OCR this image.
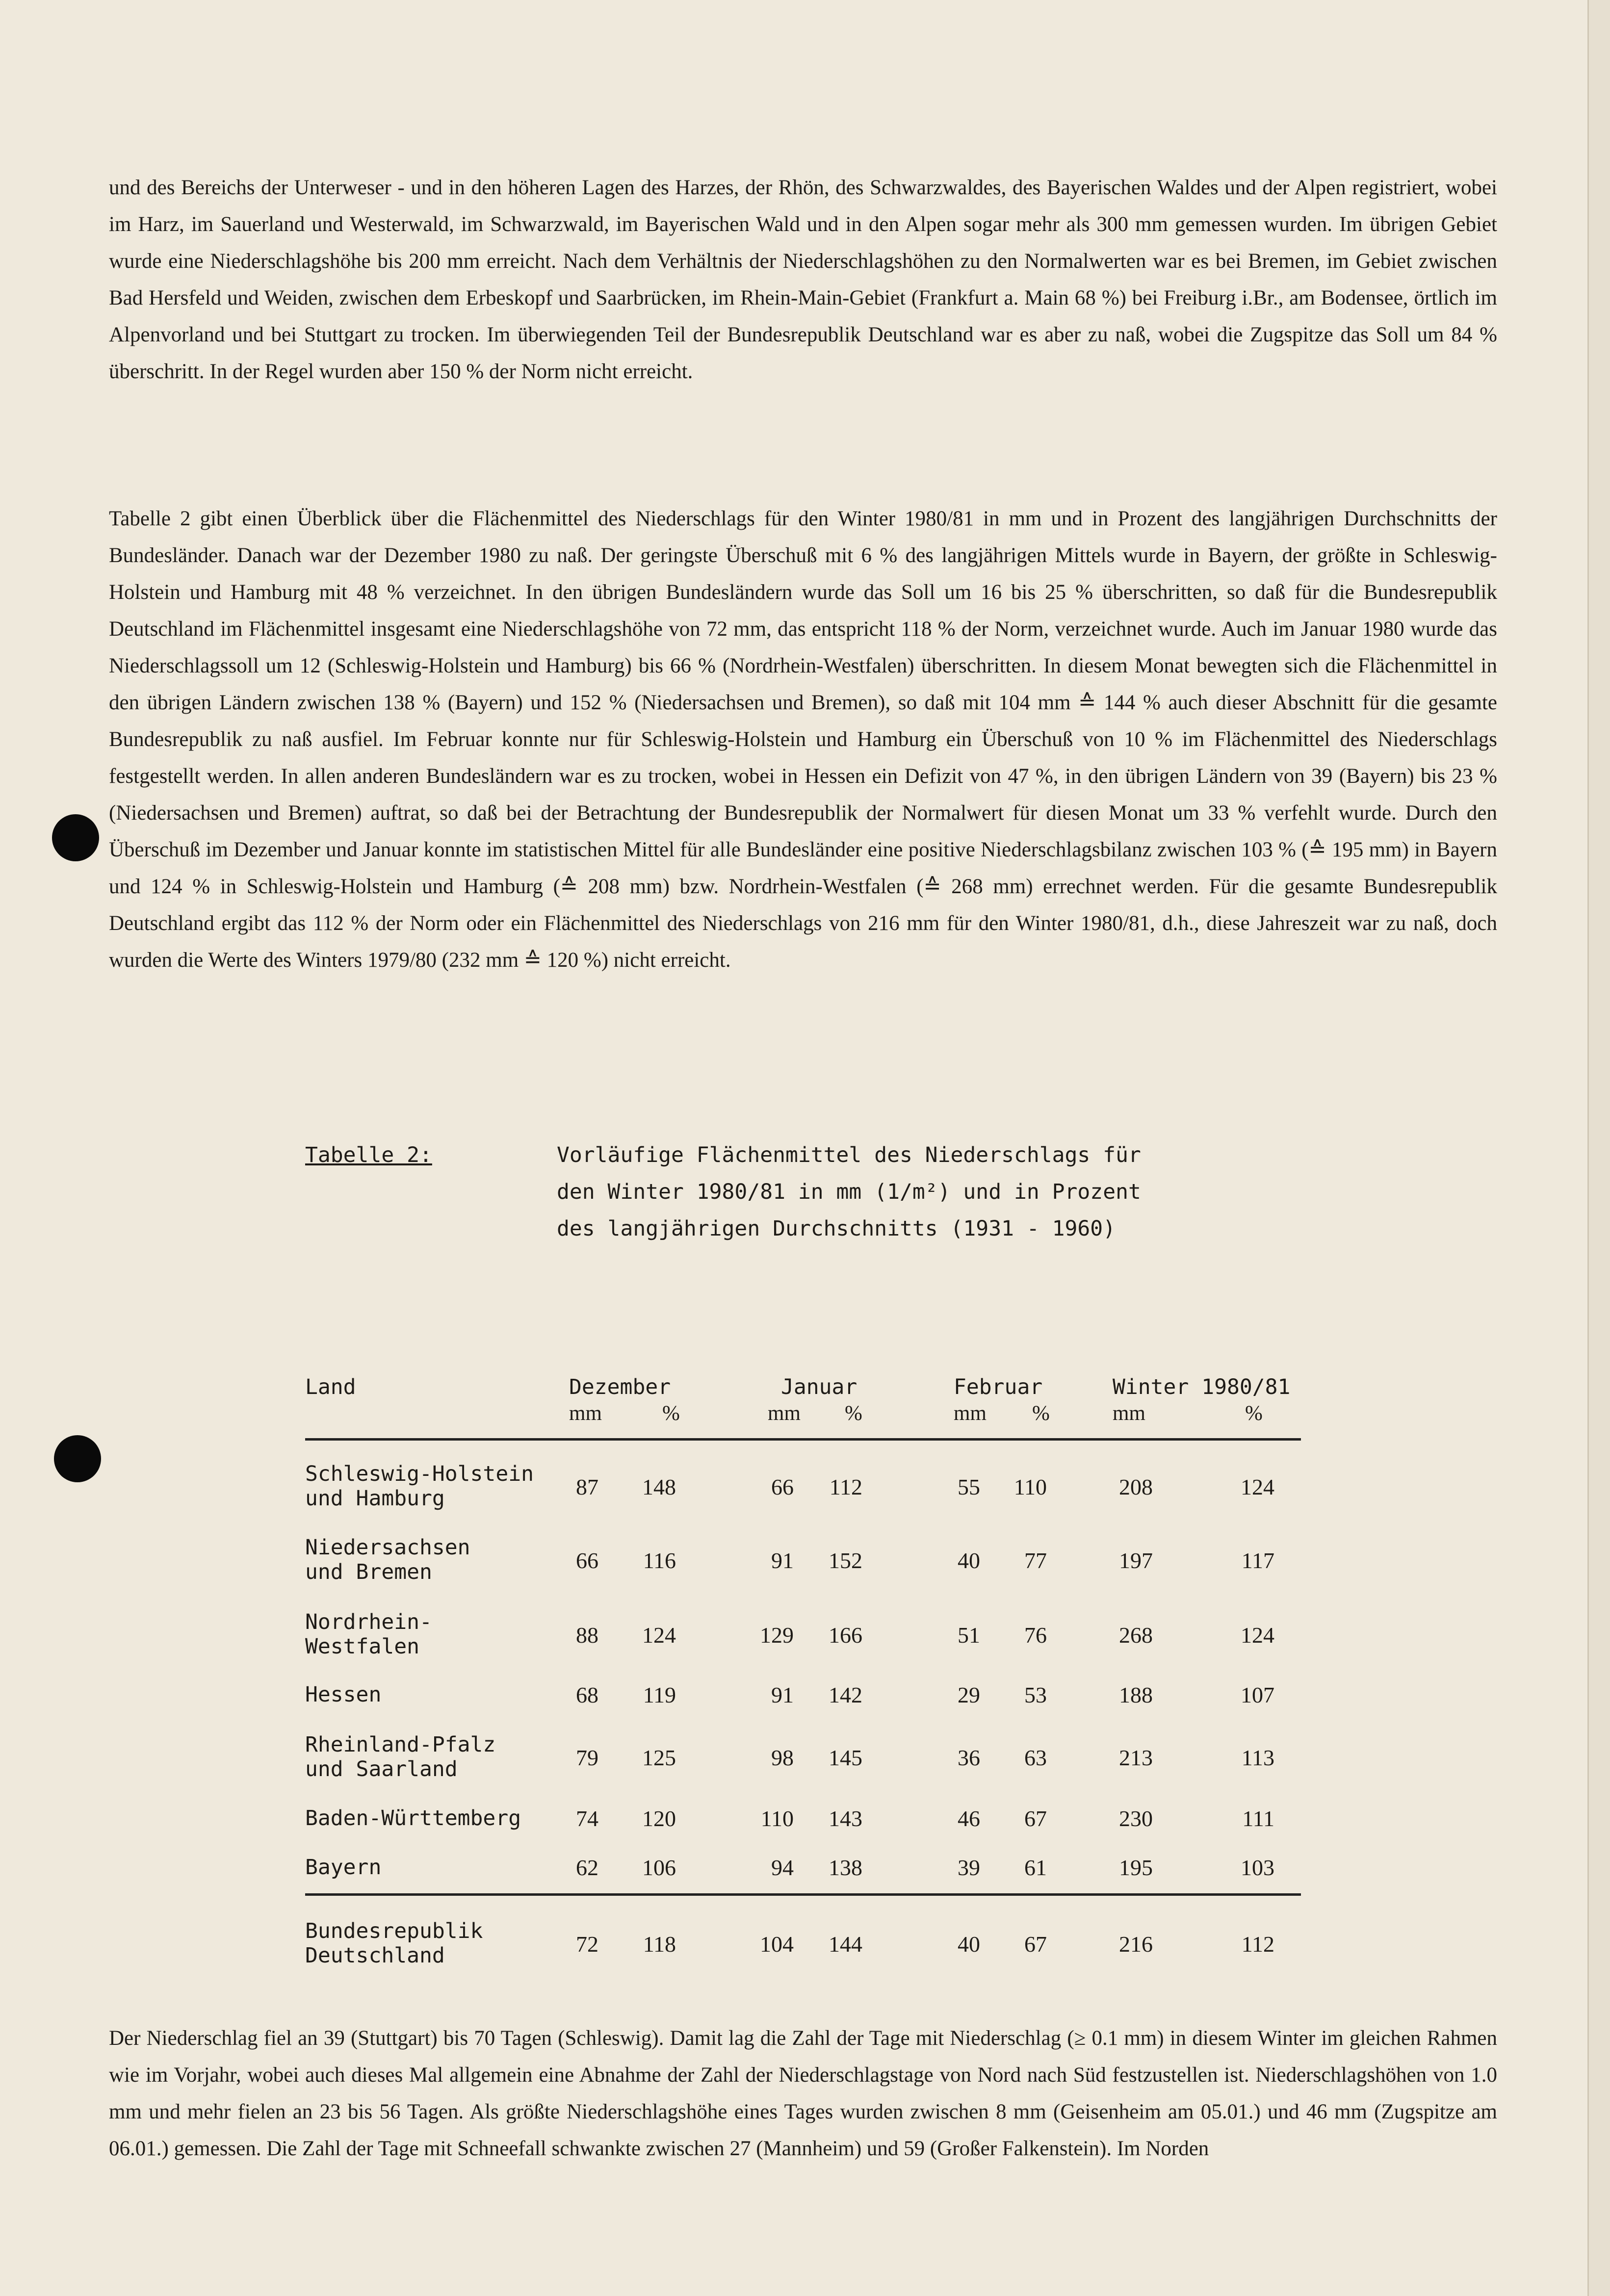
und des Bereichs der Unterweser - und in den höheren Lagen des Harzes, der Rhön, des Schwarzwaldes, des Bayerischen Waldes und der Alpen registriert, wobei im Harz, im Sauerland und Westerwald, im Schwarzwald, im Bayerischen Wald und in den Alpen sogar mehr als 300 mm gemessen wurden. Im übrigen Gebiet wurde eine Niederschlagshöhe bis 200 mm erreicht. Nach dem Verhältnis der Niederschlagshöhen zu den Normalwerten war es bei Bremen, im Gebiet zwischen Bad Hersfeld und Weiden, zwischen dem Erbeskopf und Saarbrücken, im Rhein-Main-Gebiet (Frankfurt a. Main 68 %) bei Freiburg i.Br., am Bodensee, örtlich im Alpenvorland und bei Stuttgart zu trocken. Im überwiegenden Teil der Bundesrepublik Deutschland war es aber zu naß, wobei die Zugspitze das Soll um 84 % überschritt. In der Regel wurden aber 150 % der Norm nicht erreicht.

Tabelle 2 gibt einen Überblick über die Flächenmittel des Niederschlags für den Winter 1980/81 in mm und in Prozent des langjährigen Durchschnitts der Bundesländer. Danach war der Dezember 1980 zu naß. Der geringste Überschuß mit 6 % des langjährigen Mittels wurde in Bayern, der größte in Schleswig-Holstein und Hamburg mit 48 % verzeichnet. In den übrigen Bundesländern wurde das Soll um 16 bis 25 % überschritten, so daß für die Bundesrepublik Deutschland im Flächenmittel insgesamt eine Niederschlagshöhe von 72 mm, das entspricht 118 % der Norm, verzeichnet wurde. Auch im Januar 1980 wurde das Niederschlagssoll um 12 (Schleswig-Holstein und Hamburg) bis 66 % (Nordrhein-Westfalen) überschritten. In diesem Monat bewegten sich die Flächenmittel in den übrigen Ländern zwischen 138 % (Bayern) und 152 % (Niedersachsen und Bremen), so daß mit 104 mm ≙ 144 % auch dieser Abschnitt für die gesamte Bundesrepublik zu naß ausfiel. Im Februar konnte nur für Schleswig-Holstein und Hamburg ein Überschuß von 10 % im Flächenmittel des Niederschlags festgestellt werden. In allen anderen Bundesländern war es zu trocken, wobei in Hessen ein Defizit von 47 %, in den übrigen Ländern von 39 (Bayern) bis 23 % (Niedersachsen und Bremen) auftrat, so daß bei der Betrachtung der Bundesrepublik der Normalwert für diesen Monat um 33 % verfehlt wurde. Durch den Überschuß im Dezember und Januar konnte im statistischen Mittel für alle Bundesländer eine positive Niederschlagsbilanz zwischen 103 % (≙ 195 mm) in Bayern und 124 % in Schleswig-Holstein und Hamburg (≙ 208 mm) bzw. Nordrhein-Westfalen (≙ 268 mm) errechnet werden. Für die gesamte Bundesrepublik Deutschland ergibt das 112 % der Norm oder ein Flächenmittel des Niederschlags von 216 mm für den Winter 1980/81, d.h., diese Jahreszeit war zu naß, doch wurden die Werte des Winters 1979/80 (232 mm ≙ 120 %) nicht erreicht.

Tabelle 2:	Vorläufige Flächenmittel des Niederschlags für
den Winter 1980/81 in mm (1/m²) und in Prozent
des langjährigen Durchschnitts (1931 - 1960)
Land	Dezember	Januar	Februar	Winter 1980/81
mm	%	mm %	mm %	mm	%
Schleswig-Holstein
und Hamburg	87 148	66 112	55 110	208	124
Niedersachsen
und Bremen	66 116	91 152	40 77	197	117
Nordrhein-
Westfalen	88 124	129 166	51 76	268	124
Hessen	68 119	91 142	29 53	188	107
Rheinland-Pfalz
und Saarland	79 125	98 145	36 63	213	113
Baden-Württemberg 74 120	110 143	46 67	230	111
Bayern	62 106	94 138	39 61	195	103
Bundesrepublik
Deutschland	72 118	104 144	40 67	216	112

Der Niederschlag fiel an 39 (Stuttgart) bis 70 Tagen (Schleswig). Damit lag die Zahl der Tage mit Niederschlag (≥ 0.1 mm) in diesem Winter im gleichen Rahmen wie im Vorjahr, wobei auch dieses Mal allgemein eine Abnahme der Zahl der Niederschlagstage von Nord nach Süd festzustellen ist. Niederschlagshöhen von 1.0 mm und mehr fielen an 23 bis 56 Tagen. Als größte Niederschlagshöhe eines Tages wurden zwischen 8 mm (Geisenheim am 05.01.) und 46 mm (Zugspitze am 06.01.) gemessen. Die Zahl der Tage mit Schneefall schwankte zwischen 27 (Mannheim) und 59 (Großer Falkenstein). Im Norden
